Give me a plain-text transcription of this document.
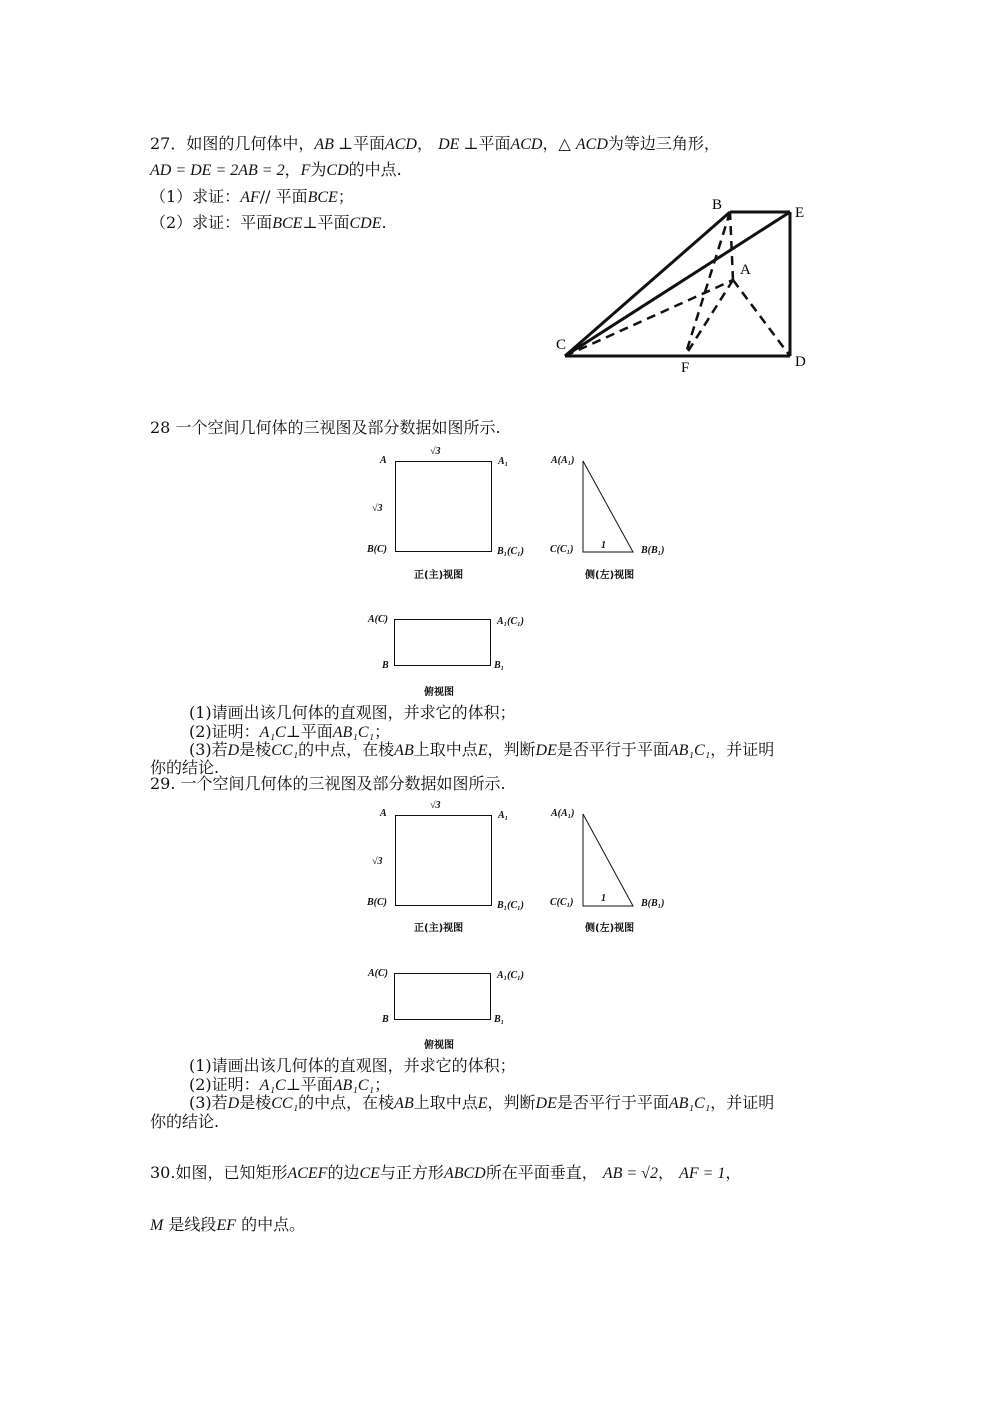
27．如图的几何体中，AB ⊥平面ACD， DE ⊥平面ACD，△ ACD为等边三角形，
AD = DE = 2AB = 2，F为CD的中点.
（1）求证：AF// 平面BCE；
（2）求证：平面BCE⊥平面CDE.
B	E
A
C
F	D
28 一个空间几何体的三视图及部分数据如图所示.
√3
A	A₁
√3
B(C)	B₁(C₁)
正(主)视图
A(A₁)
C(C₁)	1	B(B₁)
侧(左)视图
A(C)	A₁(C₁)
B	B₁
俯视图
(1)请画出该几何体的直观图，并求它的体积；
(2)证明：A₁C⊥平面AB₁C₁；
(3)若D是棱CC₁的中点，在棱AB上取中点E，判断DE是否平行于平面AB₁C₁，并证明
你的结论.
29. 一个空间几何体的三视图及部分数据如图所示.
√3
A	A₁
√3
B(C)	B₁(C₁)
正(主)视图
A(A₁)
C(C₁)	1	B(B₁)
侧(左)视图
A(C)	A₁(C₁)
B	B₁
俯视图
(1)请画出该几何体的直观图，并求它的体积；
(2)证明：A₁C⊥平面AB₁C₁；
(3)若D是棱CC₁的中点，在棱AB上取中点E，判断DE是否平行于平面AB₁C₁，并证明
你的结论.
30.如图，已知矩形ACEF的边CE与正方形ABCD所在平面垂直， AB = √2， AF = 1，
M 是线段EF 的中点。
